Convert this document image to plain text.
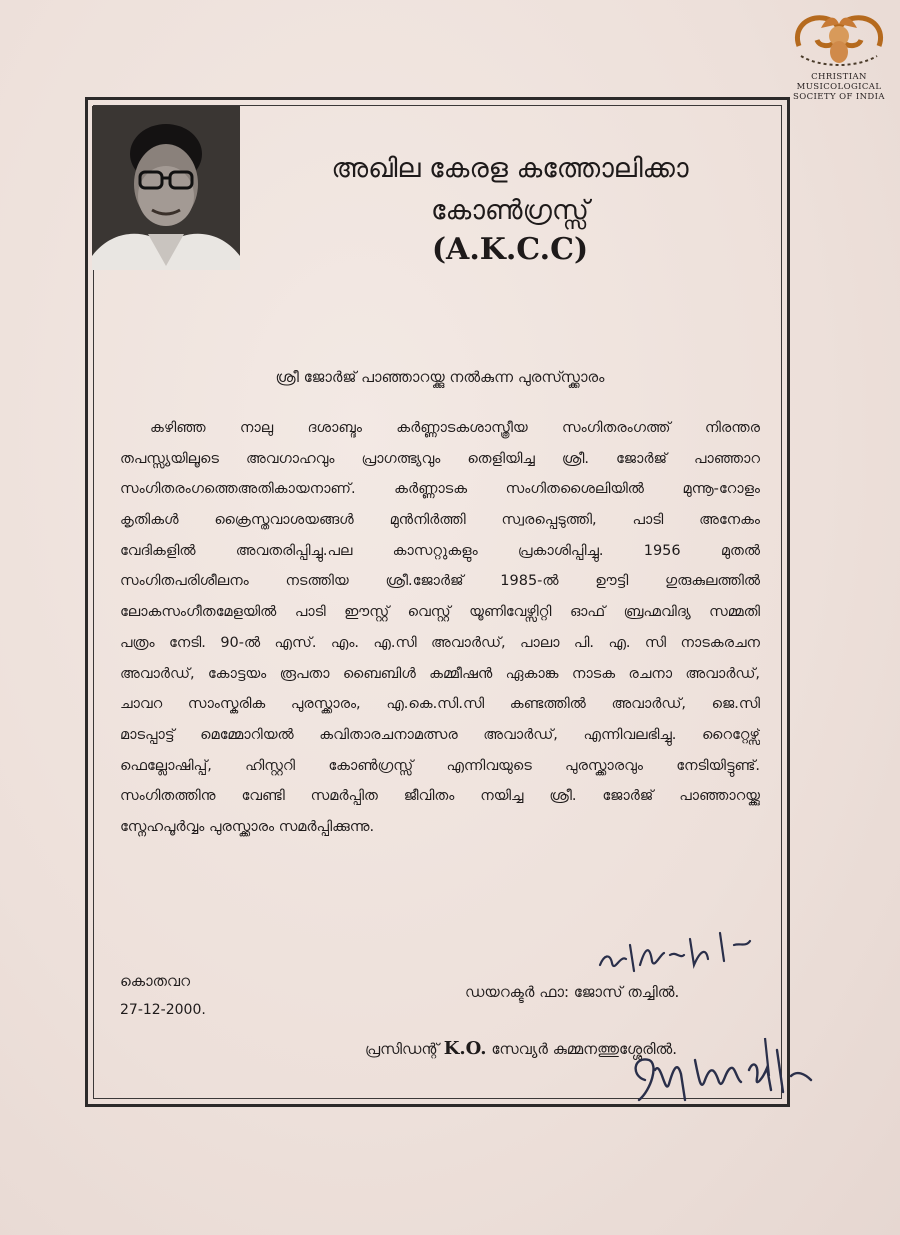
CHRISTIAN
MUSICOLOGICAL
SOCIETY OF INDIA
അഖില കേരള കത്തോലിക്കാ
കോൺഗ്രസ്സ്
(A.K.C.C)
ശ്രീ ജോർജ് പാഞ്ഞാറയ്ക്കു നൽകുന്ന പുരസ്സ്ക്കാരം
കഴിഞ്ഞ നാലു ദശാബ്ദം കർണ്ണാടകശാസ്ത്രീയ സംഗിതരംഗത്ത് നിരന്തര
തപസ്സ്യയിലൂടെ അവഗാഹവും പ്രാഗത്ഭ്യവും തെളിയിച്ച ശ്രീ. ജോർജ് പാഞ്ഞാറ
സംഗിതരംഗത്തെഅതികായനാണ്. കർണ്ണാടക സംഗിതശൈലിയിൽ മുന്നൂ-റോളം
കൃതികൾ ക്രൈസ്തവാശയങ്ങൾ മുൻനിർത്തി സ്വരപ്പെടുത്തി, പാടി അനേകം
വേദികളിൽ അവതരിപ്പിച്ചു.പല കാസറ്റുകളും പ്രകാശിപ്പിച്ചു. 1956 മുതൽ
സംഗിതപരിശീലനം നടത്തിയ ശ്രീ.ജോർജ് 1985-ൽ ഊട്ടി ഗുരുകുലത്തിൽ
ലോകസംഗീതമേളയിൽ പാടി ഈസ്റ്റ് വെസ്റ്റ് യൂണിവേഴ്സിറ്റി ഓഫ് ബ്രഹ്മവിദ്യ സമ്മതി
പത്രം നേടി. 90-ൽ എസ്. എം. എ.സി അവാർഡ്, പാലാ പി. എ. സി നാടകരചന
അവാർഡ്, കോട്ടയം രൂപതാ ബൈബിൾ കമ്മീഷൻ ഏകാങ്ക നാടക രചനാ അവാർഡ്,
ചാവറ സാംസ്കരിക പുരസ്ക്കാരം, എ.കെ.സി.സി കണ്ടത്തിൽ അവാർഡ്, ജെ.സി
മാടപ്പാട്ട് മെമ്മോറിയൽ കവിതാരചനാമത്സര അവാർഡ്, എന്നിവലഭിച്ചു. റൈറ്റേഴ്സ്
ഫെല്ലോഷിപ്പ്, ഹിസ്റ്ററി കോൺഗ്രസ്സ് എന്നിവയുടെ പുരസ്ക്കാരവും നേടിയിട്ടുണ്ട്.
സംഗിതത്തിനു വേണ്ടി സമർപ്പിത ജീവിതം നയിച്ച ശ്രീ. ജോർജ് പാഞ്ഞാറയ്ക്കു
സ്നേഹപൂർവ്വം പുരസ്ക്കാരം സമർപ്പിക്കുന്നു.
കൊതവറ
27-12-2000.
ഡയറക്ടർ ഫാ: ജോസ് തച്ചിൽ.
പ്രസിഡന്റ് K.O. സേവ്യർ കുമ്മനത്തുശ്ശേരിൽ.
